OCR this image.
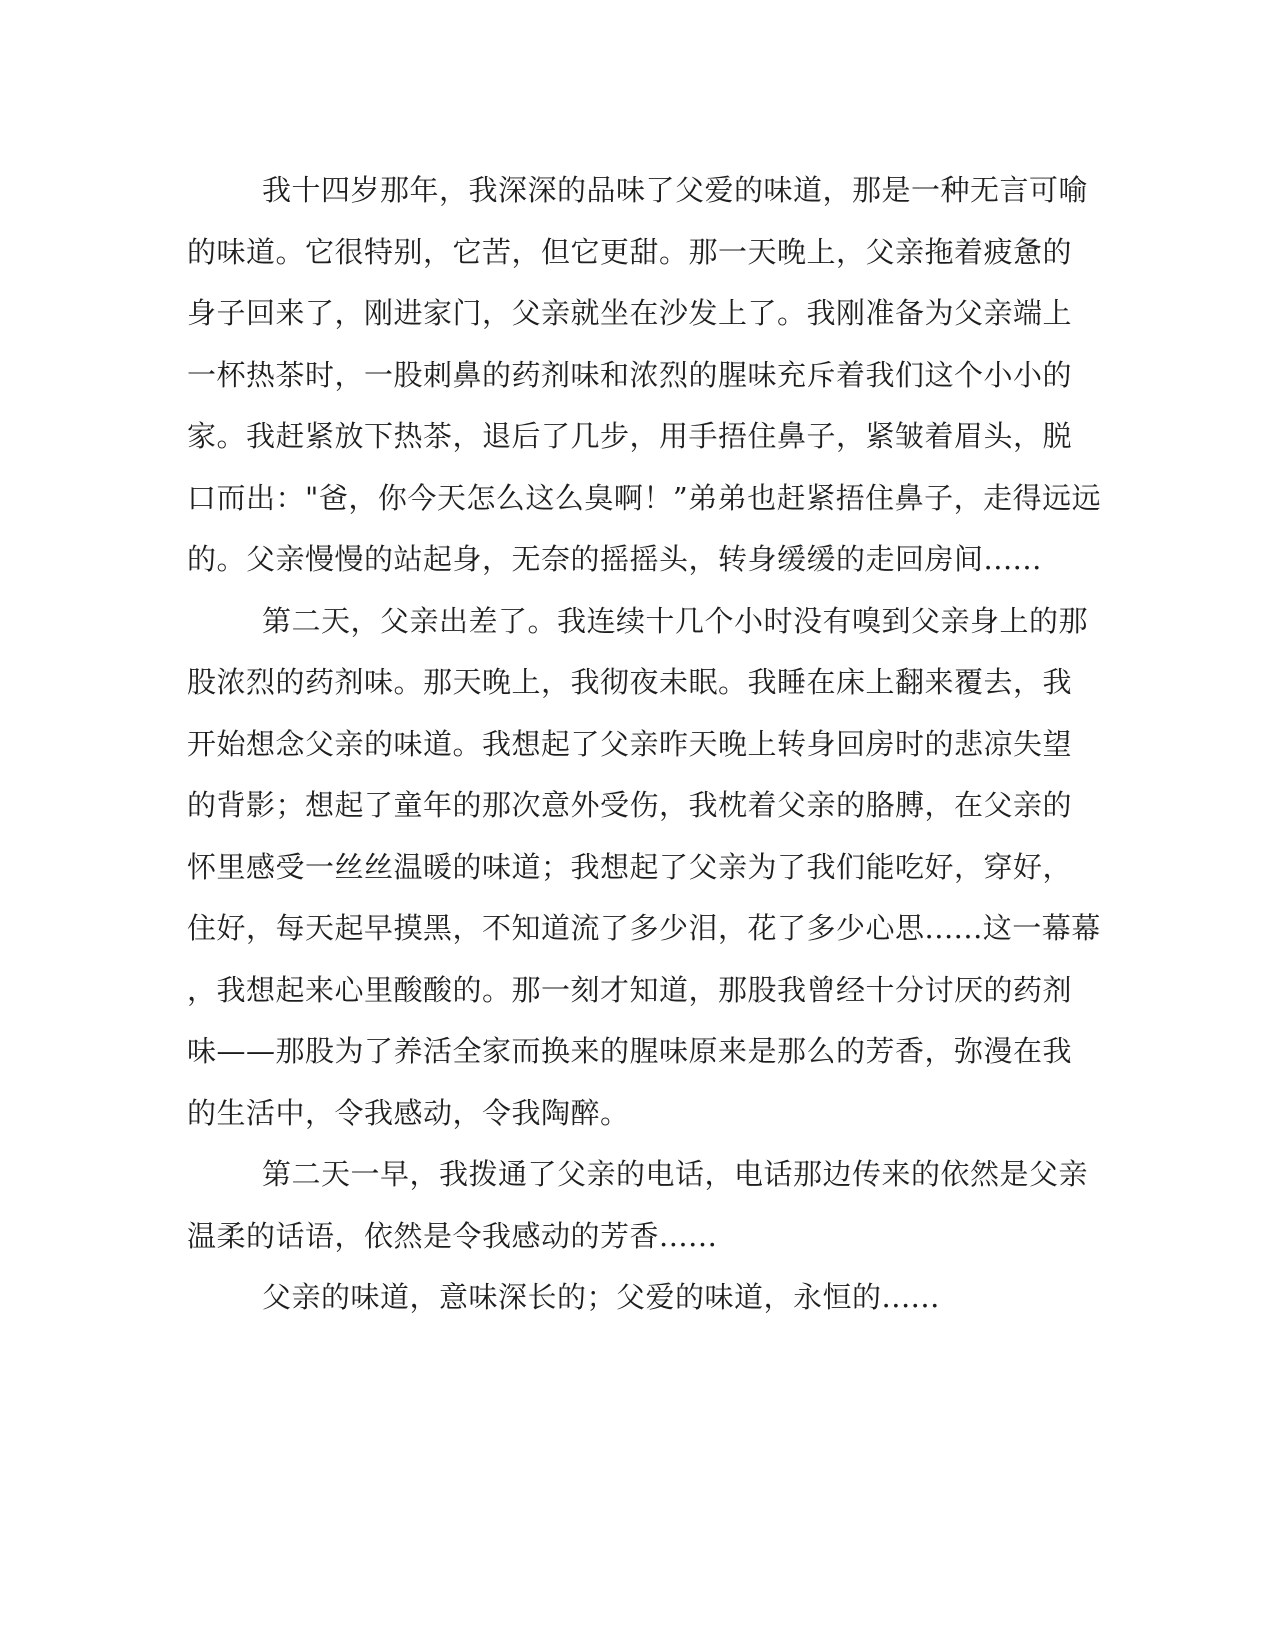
我十四岁那年，我深深的品味了父爱的味道，那是一种无言可喻
的味道。它很特别，它苦，但它更甜。那一天晚上，父亲拖着疲惫的
身子回来了，刚进家门，父亲就坐在沙发上了。我刚准备为父亲端上
一杯热茶时，一股刺鼻的药剂味和浓烈的腥味充斥着我们这个小小的
家。我赶紧放下热茶，退后了几步，用手捂住鼻子，紧皱着眉头，脱
口而出："爸，你今天怎么这么臭啊！”弟弟也赶紧捂住鼻子，走得远远
的。父亲慢慢的站起身，无奈的摇摇头，转身缓缓的走回房间......
第二天，父亲出差了。我连续十几个小时没有嗅到父亲身上的那
股浓烈的药剂味。那天晚上，我彻夜未眠。我睡在床上翻来覆去，我
开始想念父亲的味道。我想起了父亲昨天晚上转身回房时的悲凉失望
的背影；想起了童年的那次意外受伤，我枕着父亲的胳膊，在父亲的
怀里感受一丝丝温暖的味道；我想起了父亲为了我们能吃好，穿好，
住好，每天起早摸黑，不知道流了多少泪，花了多少心思......这一幕幕
，我想起来心里酸酸的。那一刻才知道，那股我曾经十分讨厌的药剂
味——那股为了养活全家而换来的腥味原来是那么的芳香，弥漫在我
的生活中，令我感动，令我陶醉。
第二天一早，我拨通了父亲的电话，电话那边传来的依然是父亲
温柔的话语，依然是令我感动的芳香......
父亲的味道，意味深长的；父爱的味道，永恒的......
